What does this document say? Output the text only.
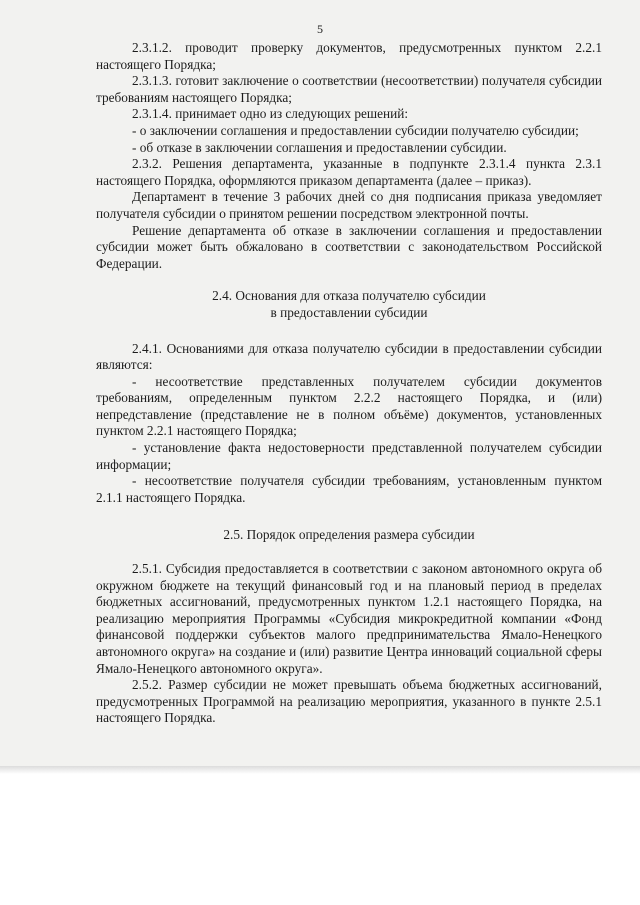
5

2.3.1.2. проводит проверку документов, предусмотренных пунктом 2.2.1 настоящего Порядка;

2.3.1.3. готовит заключение о соответствии (несоответствии) получателя субсидии требованиям настоящего Порядка;

2.3.1.4. принимает одно из следующих решений:

- о заключении соглашения и предоставлении субсидии получателю субсидии;

- об отказе в заключении соглашения и предоставлении субсидии.

2.3.2. Решения департамента, указанные в подпункте 2.3.1.4 пункта 2.3.1 настоящего Порядка, оформляются приказом департамента (далее – приказ).

Департамент в течение 3 рабочих дней со дня подписания приказа уведомляет получателя субсидии о принятом решении посредством электронной почты.

Решение департамента об отказе в заключении соглашения и предоставлении субсидии может быть обжаловано в соответствии с законодательством Российской Федерации.

2.4. Основания для отказа получателю субсидии

в предоставлении субсидии

2.4.1. Основаниями для отказа получателю субсидии в предоставлении субсидии являются:

- несоответствие представленных получателем субсидии документов требованиям, определенным пунктом 2.2.2 настоящего Порядка, и (или) непредставление (представление не в полном объёме) документов, установленных пунктом 2.2.1 настоящего Порядка;

- установление факта недостоверности представленной получателем субсидии информации;

- несоответствие получателя субсидии требованиям, установленным пунктом 2.1.1 настоящего Порядка.

2.5. Порядок определения размера субсидии

2.5.1. Субсидия предоставляется в соответствии с законом автономного округа об окружном бюджете на текущий финансовый год и на плановый период в пределах бюджетных ассигнований, предусмотренных пунктом 1.2.1 настоящего Порядка, на реализацию мероприятия Программы «Субсидия микрокредитной компании «Фонд финансовой поддержки субъектов малого предпринимательства Ямало-Ненецкого автономного округа» на создание и (или) развитие Центра инноваций социальной сферы Ямало-Ненецкого автономного округа».

2.5.2. Размер субсидии не может превышать объема бюджетных ассигнований, предусмотренных Программой на реализацию мероприятия, указанного в пункте 2.5.1 настоящего Порядка.
